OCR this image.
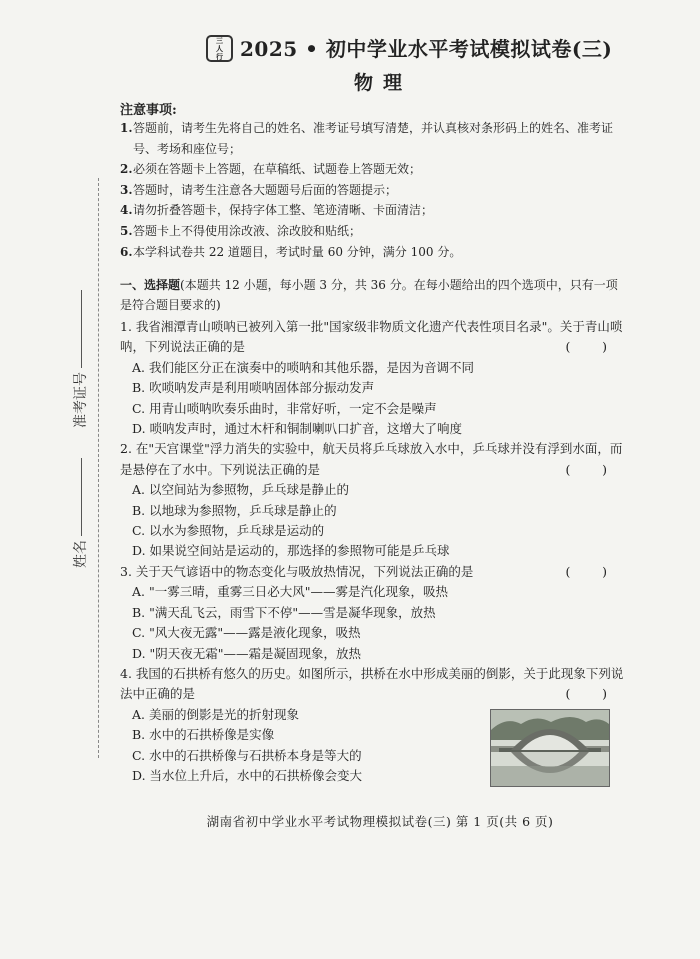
三
人
行 2025 • 初中学业水平考试模拟试卷(三)
物理
注意事项:
1. 答题前，请考生先将自己的姓名、准考证号填写清楚，并认真核对条形码上的姓名、准考证号、考场和座位号；
2. 必须在答题卡上答题，在草稿纸、试题卷上答题无效；
3. 答题时，请考生注意各大题题号后面的答题提示；
4. 请勿折叠答题卡，保持字体工整、笔迹清晰、卡面清洁；
5. 答题卡上不得使用涂改液、涂改胶和贴纸；
6. 本学科试卷共 22 道题目，考试时量 60 分钟，满分 100 分。
准考证号
姓名
一、选择题(本题共 12 小题，每小题 3 分，共 36 分。在每小题给出的四个选项中，只有一项是符合题目要求的)
1. 我省湘潭青山唢呐已被列入第一批"国家级非物质文化遗产代表性项目名录"。关于青山唢呐，下列说法正确的是	(        )
A. 我们能区分正在演奏中的唢呐和其他乐器，是因为音调不同
B. 吹唢呐发声是利用唢呐固体部分振动发声
C. 用青山唢呐吹奏乐曲时，非常好听，一定不会是噪声
D. 唢呐发声时，通过木杆和铜制喇叭口扩音，这增大了响度
2. 在"天宫课堂"浮力消失的实验中，航天员将乒乓球放入水中，乒乓球并没有浮到水面，而是悬停在了水中。下列说法正确的是	(        )
A. 以空间站为参照物，乒乓球是静止的
B. 以地球为参照物，乒乓球是静止的
C. 以水为参照物，乒乓球是运动的
D. 如果说空间站是运动的，那选择的参照物可能是乒乓球
3. 关于天气谚语中的物态变化与吸放热情况，下列说法正确的是	(        )
A. "一雾三晴，重雾三日必大风"——雾是汽化现象，吸热
B. "满天乱飞云，雨雪下不停"——雪是凝华现象，放热
C. "风大夜无露"——露是液化现象，吸热
D. "阴天夜无霜"——霜是凝固现象，放热
4. 我国的石拱桥有悠久的历史。如图所示，拱桥在水中形成美丽的倒影，关于此现象下列说法中正确的是	(        )
A. 美丽的倒影是光的折射现象
B. 水中的石拱桥像是实像
C. 水中的石拱桥像与石拱桥本身是等大的
D. 当水位上升后，水中的石拱桥像会变大
湖南省初中学业水平考试物理模拟试卷(三) 第 1 页(共 6 页)
